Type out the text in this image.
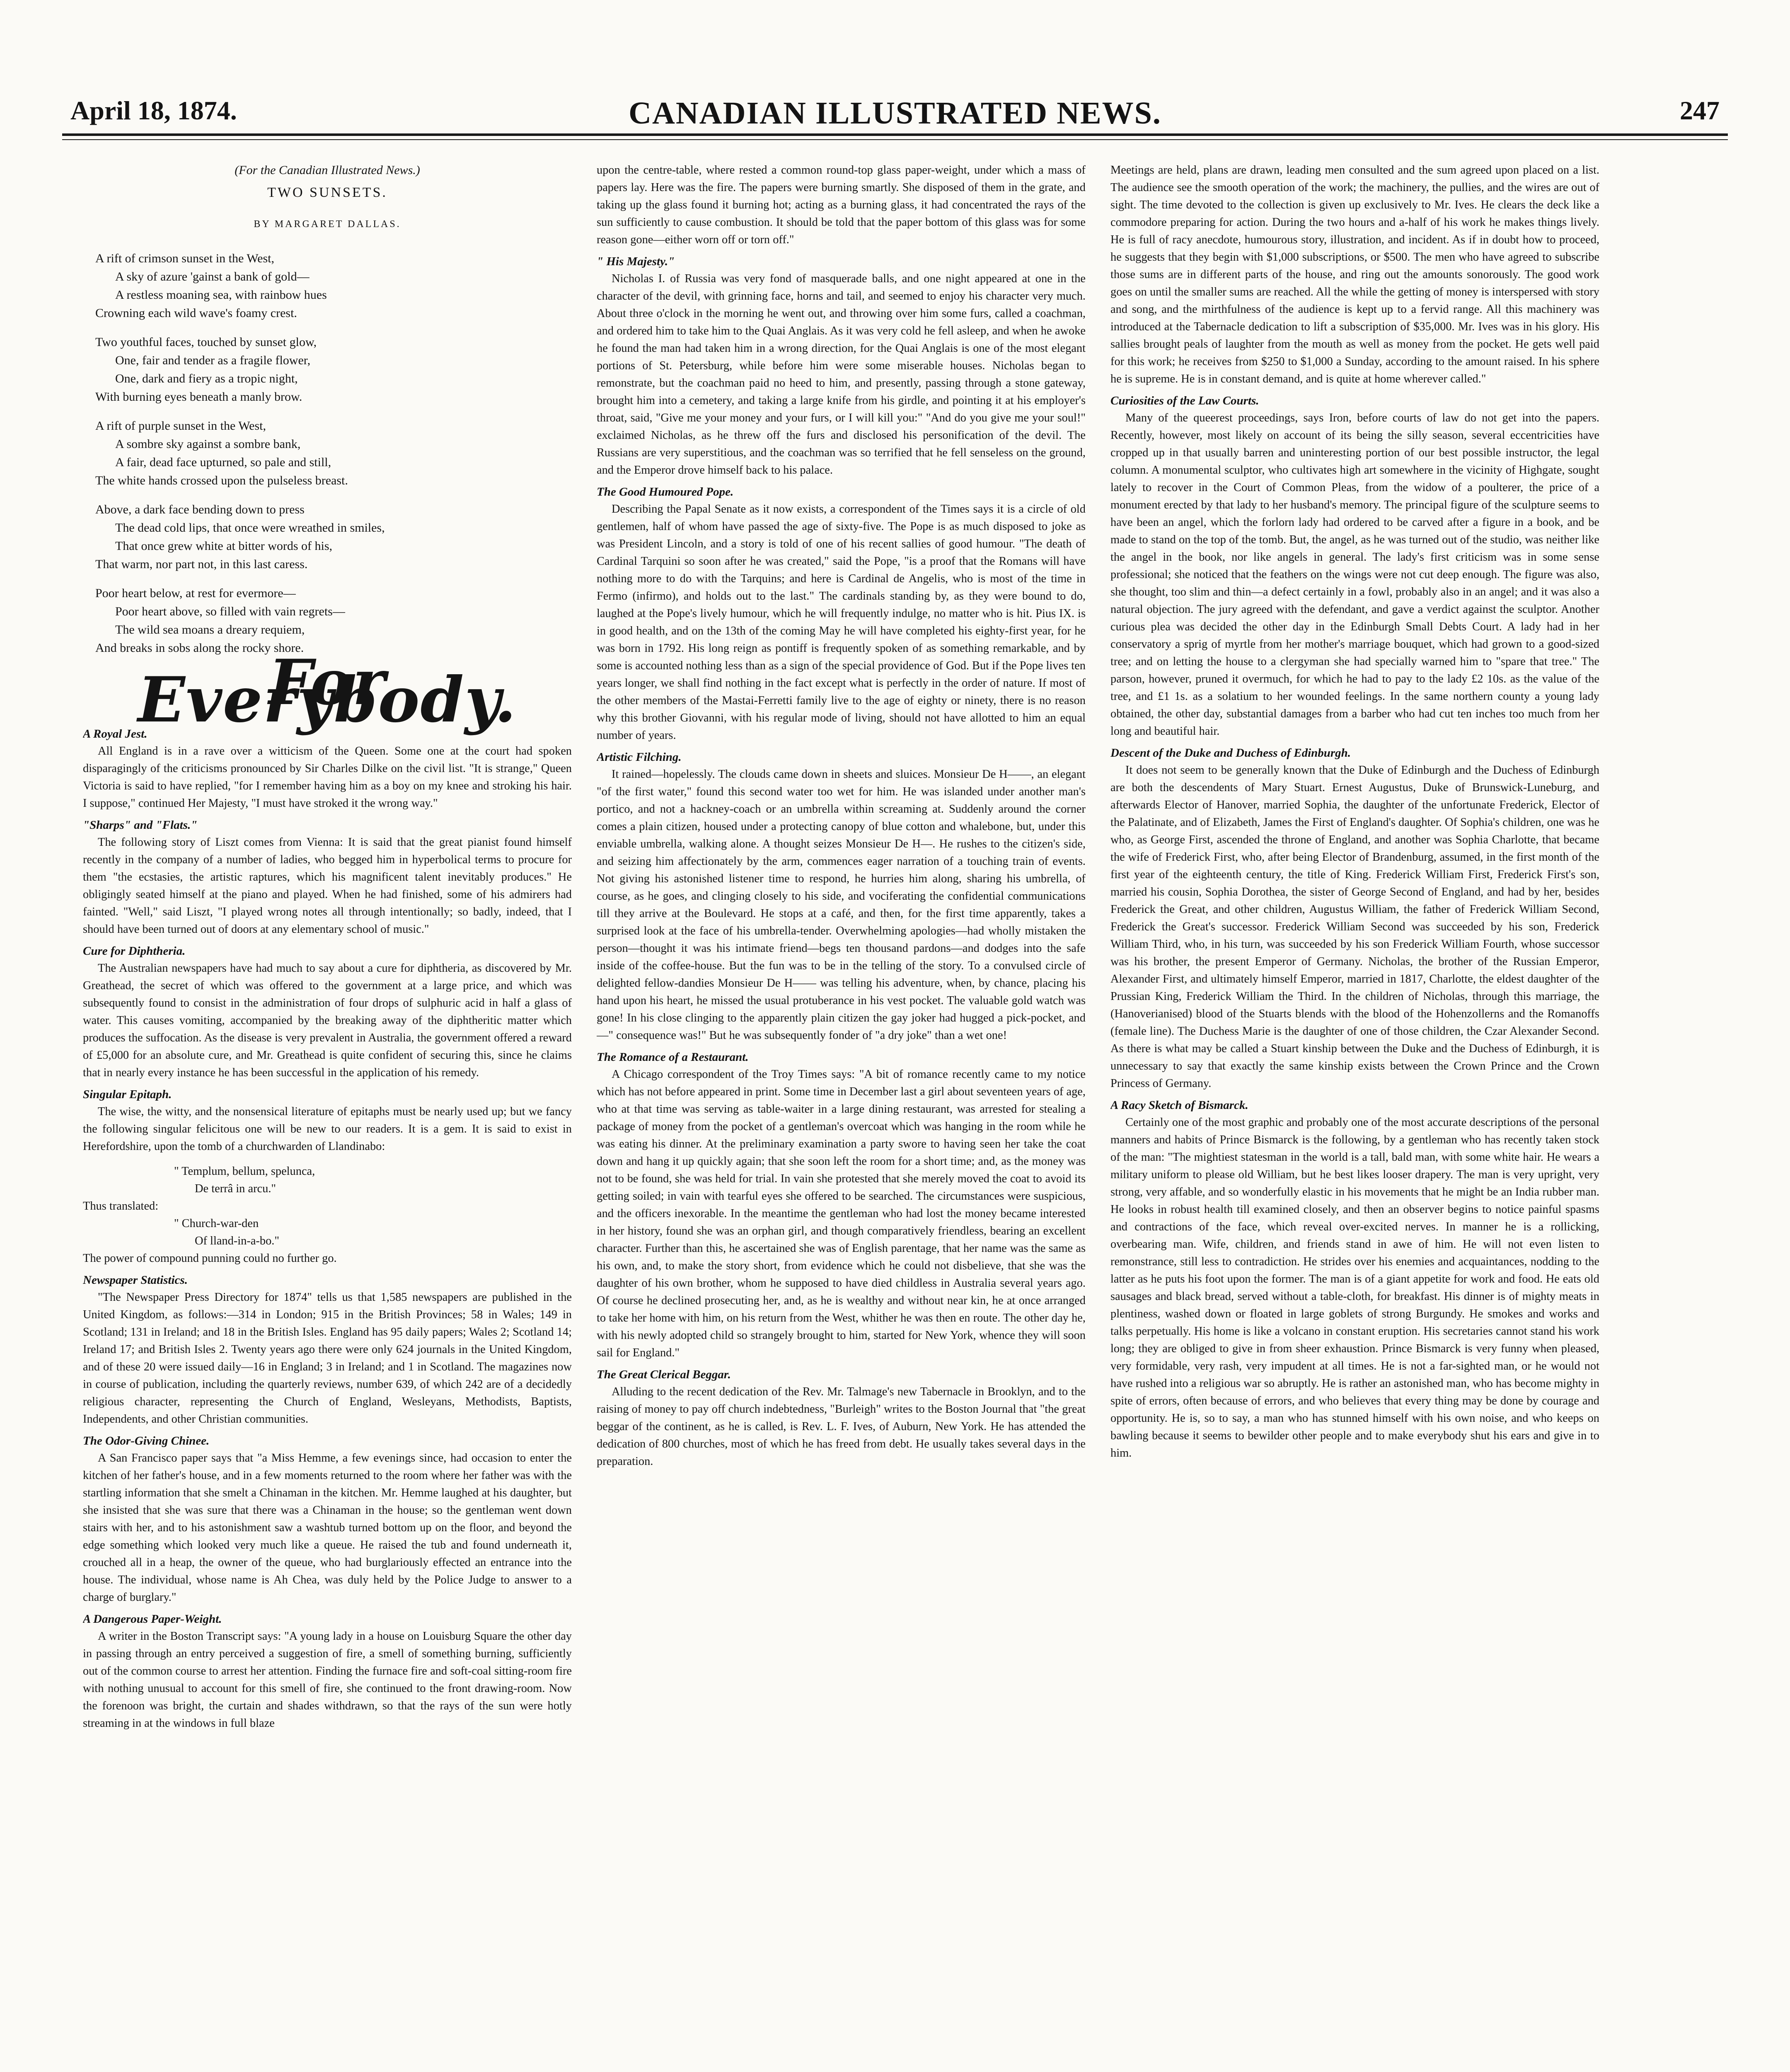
April 18, 1874.	CANADIAN ILLUSTRATED NEWS.	247

(For the Canadian Illustrated News.)

TWO SUNSETS.

BY MARGARET DALLAS.

A rift of crimson sunset in the West,
A sky of azure 'gainst a bank of gold—
A restless moaning sea, with rainbow hues
Crowning each wild wave's foamy crest.
Two youthful faces, touched by sunset glow,
One, fair and tender as a fragile flower,
One, dark and fiery as a tropic night,
With burning eyes beneath a manly brow.
A rift of purple sunset in the West,
A sombre sky against a sombre bank,
A fair, dead face upturned, so pale and still,
The white hands crossed upon the pulseless breast.
Above, a dark face bending down to press
The dead cold lips, that once were wreathed in smiles,
That once grew white at bitter words of his,
That warm, nor part not, in this last caress.
Poor heart below, at rest for evermore—
Poor heart above, so filled with vain regrets—
The wild sea moans a dreary requiem,
And breaks in sobs along the rocky shore.

For Everybody.

A Royal Jest.

All England is in a rave over a witticism of the Queen. Some one at the court had spoken disparagingly of the criticisms pronounced by Sir Charles Dilke on the civil list. "It is strange," Queen Victoria is said to have replied, "for I remember having him as a boy on my knee and stroking his hair. I suppose," continued Her Majesty, "I must have stroked it the wrong way."

"Sharps" and "Flats."

The following story of Liszt comes from Vienna: It is said that the great pianist found himself recently in the company of a number of ladies, who begged him in hyperbolical terms to procure for them "the ecstasies, the artistic raptures, which his magnificent talent inevitably produces." He obligingly seated himself at the piano and played. When he had finished, some of his admirers had fainted. "Well," said Liszt, "I played wrong notes all through intentionally; so badly, indeed, that I should have been turned out of doors at any elementary school of music."

Cure for Diphtheria.

The Australian newspapers have had much to say about a cure for diphtheria, as discovered by Mr. Greathead, the secret of which was offered to the government at a large price, and which was subsequently found to consist in the administration of four drops of sulphuric acid in half a glass of water. This causes vomiting, accompanied by the breaking away of the diphtheritic matter which produces the suffocation. As the disease is very prevalent in Australia, the government offered a reward of £5,000 for an absolute cure, and Mr. Greathead is quite confident of securing this, since he claims that in nearly every instance he has been successful in the application of his remedy.

Singular Epitaph.

The wise, the witty, and the nonsensical literature of epitaphs must be nearly used up; but we fancy the following singular felicitous one will be new to our readers. It is a gem. It is said to exist in Herefordshire, upon the tomb of a churchwarden of Llandinabo:

" Templum, bellum, spelunca,

De terrâ in arcu."

Thus translated:

" Church-war-den

Of lland-in-a-bo."

The power of compound punning could no further go.

Newspaper Statistics.

"The Newspaper Press Directory for 1874" tells us that 1,585 newspapers are published in the United Kingdom, as follows:—314 in London; 915 in the British Provinces; 58 in Wales; 149 in Scotland; 131 in Ireland; and 18 in the British Isles. England has 95 daily papers; Wales 2; Scotland 14; Ireland 17; and British Isles 2. Twenty years ago there were only 624 journals in the United Kingdom, and of these 20 were issued daily—16 in England; 3 in Ireland; and 1 in Scotland. The magazines now in course of publication, including the quarterly reviews, number 639, of which 242 are of a decidedly religious character, representing the Church of England, Wesleyans, Methodists, Baptists, Independents, and other Christian communities.

The Odor-Giving Chinee.

A San Francisco paper says that "a Miss Hemme, a few evenings since, had occasion to enter the kitchen of her father's house, and in a few moments returned to the room where her father was with the startling information that she smelt a Chinaman in the kitchen. Mr. Hemme laughed at his daughter, but she insisted that she was sure that there was a Chinaman in the house; so the gentleman went down stairs with her, and to his astonishment saw a washtub turned bottom up on the floor, and beyond the edge something which looked very much like a queue. He raised the tub and found underneath it, crouched all in a heap, the owner of the queue, who had burglariously effected an entrance into the house. The individual, whose name is Ah Chea, was duly held by the Police Judge to answer to a charge of burglary."

A Dangerous Paper-Weight.

A writer in the Boston Transcript says: "A young lady in a house on Louisburg Square the other day in passing through an entry perceived a suggestion of fire, a smell of something burning, sufficiently out of the common course to arrest her attention. Finding the furnace fire and soft-coal sitting-room fire with nothing unusual to account for this smell of fire, she continued to the front drawing-room. Now the forenoon was bright, the curtain and shades withdrawn, so that the rays of the sun were hotly streaming in at the windows in full blaze

upon the centre-table, where rested a common round-top glass paper-weight, under which a mass of papers lay. Here was the fire. The papers were burning smartly. She disposed of them in the grate, and taking up the glass found it burning hot; acting as a burning glass, it had concentrated the rays of the sun sufficiently to cause combustion. It should be told that the paper bottom of this glass was for some reason gone—either worn off or torn off."

" His Majesty."

Nicholas I. of Russia was very fond of masquerade balls, and one night appeared at one in the character of the devil, with grinning face, horns and tail, and seemed to enjoy his character very much. About three o'clock in the morning he went out, and throwing over him some furs, called a coachman, and ordered him to take him to the Quai Anglais. As it was very cold he fell asleep, and when he awoke he found the man had taken him in a wrong direction, for the Quai Anglais is one of the most elegant portions of St. Petersburg, while before him were some miserable houses. Nicholas began to remonstrate, but the coachman paid no heed to him, and presently, passing through a stone gateway, brought him into a cemetery, and taking a large knife from his girdle, and pointing it at his employer's throat, said, "Give me your money and your furs, or I will kill you:" "And do you give me your soul!" exclaimed Nicholas, as he threw off the furs and disclosed his personification of the devil. The Russians are very superstitious, and the coachman was so terrified that he fell senseless on the ground, and the Emperor drove himself back to his palace.

The Good Humoured Pope.

Describing the Papal Senate as it now exists, a correspondent of the Times says it is a circle of old gentlemen, half of whom have passed the age of sixty-five. The Pope is as much disposed to joke as was President Lincoln, and a story is told of one of his recent sallies of good humour. "The death of Cardinal Tarquini so soon after he was created," said the Pope, "is a proof that the Romans will have nothing more to do with the Tarquins; and here is Cardinal de Angelis, who is most of the time in Fermo (infirmo), and holds out to the last." The cardinals standing by, as they were bound to do, laughed at the Pope's lively humour, which he will frequently indulge, no matter who is hit. Pius IX. is in good health, and on the 13th of the coming May he will have completed his eighty-first year, for he was born in 1792. His long reign as pontiff is frequently spoken of as something remarkable, and by some is accounted nothing less than as a sign of the special providence of God. But if the Pope lives ten years longer, we shall find nothing in the fact except what is perfectly in the order of nature. If most of the other members of the Mastai-Ferretti family live to the age of eighty or ninety, there is no reason why this brother Giovanni, with his regular mode of living, should not have allotted to him an equal number of years.

Artistic Filching.

It rained—hopelessly. The clouds came down in sheets and sluices. Monsieur De H——, an elegant "of the first water," found this second water too wet for him. He was islanded under another man's portico, and not a hackney-coach or an umbrella within screaming at. Suddenly around the corner comes a plain citizen, housed under a protecting canopy of blue cotton and whalebone, but, under this enviable umbrella, walking alone. A thought seizes Monsieur De H—. He rushes to the citizen's side, and seizing him affectionately by the arm, commences eager narration of a touching train of events. Not giving his astonished listener time to respond, he hurries him along, sharing his umbrella, of course, as he goes, and clinging closely to his side, and vociferating the confidential communications till they arrive at the Boulevard. He stops at a café, and then, for the first time apparently, takes a surprised look at the face of his umbrella-tender. Overwhelming apologies—had wholly mistaken the person—thought it was his intimate friend—begs ten thousand pardons—and dodges into the safe inside of the coffee-house. But the fun was to be in the telling of the story. To a convulsed circle of delighted fellow-dandies Monsieur De H—— was telling his adventure, when, by chance, placing his hand upon his heart, he missed the usual protuberance in his vest pocket. The valuable gold watch was gone! In his close clinging to the apparently plain citizen the gay joker had hugged a pick-pocket, and—" consequence was!" But he was subsequently fonder of "a dry joke" than a wet one!

The Romance of a Restaurant.

A Chicago correspondent of the Troy Times says: "A bit of romance recently came to my notice which has not before appeared in print. Some time in December last a girl about seventeen years of age, who at that time was serving as table-waiter in a large dining restaurant, was arrested for stealing a package of money from the pocket of a gentleman's overcoat which was hanging in the room while he was eating his dinner. At the preliminary examination a party swore to having seen her take the coat down and hang it up quickly again; that she soon left the room for a short time; and, as the money was not to be found, she was held for trial. In vain she protested that she merely moved the coat to avoid its getting soiled; in vain with tearful eyes she offered to be searched. The circumstances were suspicious, and the officers inexorable. In the meantime the gentleman who had lost the money became interested in her history, found she was an orphan girl, and though comparatively friendless, bearing an excellent character. Further than this, he ascertained she was of English parentage, that her name was the same as his own, and, to make the story short, from evidence which he could not disbelieve, that she was the daughter of his own brother, whom he supposed to have died childless in Australia several years ago. Of course he declined prosecuting her, and, as he is wealthy and without near kin, he at once arranged to take her home with him, on his return from the West, whither he was then en route. The other day he, with his newly adopted child so strangely brought to him, started for New York, whence they will soon sail for England."

The Great Clerical Beggar.

Alluding to the recent dedication of the Rev. Mr. Talmage's new Tabernacle in Brooklyn, and to the raising of money to pay off church indebtedness, "Burleigh" writes to the Boston Journal that "the great beggar of the continent, as he is called, is Rev. L. F. Ives, of Auburn, New York. He has attended the dedication of 800 churches, most of which he has freed from debt. He usually takes several days in the preparation.

Meetings are held, plans are drawn, leading men consulted and the sum agreed upon placed on a list. The audience see the smooth operation of the work; the machinery, the pullies, and the wires are out of sight. The time devoted to the collection is given up exclusively to Mr. Ives. He clears the deck like a commodore preparing for action. During the two hours and a-half of his work he makes things lively. He is full of racy anecdote, humourous story, illustration, and incident. As if in doubt how to proceed, he suggests that they begin with $1,000 subscriptions, or $500. The men who have agreed to subscribe those sums are in different parts of the house, and ring out the amounts sonorously. The good work goes on until the smaller sums are reached. All the while the getting of money is interspersed with story and song, and the mirthfulness of the audience is kept up to a fervid range. All this machinery was introduced at the Tabernacle dedication to lift a subscription of $35,000. Mr. Ives was in his glory. His sallies brought peals of laughter from the mouth as well as money from the pocket. He gets well paid for this work; he receives from $250 to $1,000 a Sunday, according to the amount raised. In his sphere he is supreme. He is in constant demand, and is quite at home wherever called."

Curiosities of the Law Courts.

Many of the queerest proceedings, says Iron, before courts of law do not get into the papers. Recently, however, most likely on account of its being the silly season, several eccentricities have cropped up in that usually barren and uninteresting portion of our best possible instructor, the legal column. A monumental sculptor, who cultivates high art somewhere in the vicinity of Highgate, sought lately to recover in the Court of Common Pleas, from the widow of a poulterer, the price of a monument erected by that lady to her husband's memory. The principal figure of the sculpture seems to have been an angel, which the forlorn lady had ordered to be carved after a figure in a book, and be made to stand on the top of the tomb. But, the angel, as he was turned out of the studio, was neither like the angel in the book, nor like angels in general. The lady's first criticism was in some sense professional; she noticed that the feathers on the wings were not cut deep enough. The figure was also, she thought, too slim and thin—a defect certainly in a fowl, probably also in an angel; and it was also a natural objection. The jury agreed with the defendant, and gave a verdict against the sculptor. Another curious plea was decided the other day in the Edinburgh Small Debts Court. A lady had in her conservatory a sprig of myrtle from her mother's marriage bouquet, which had grown to a good-sized tree; and on letting the house to a clergyman she had specially warned him to "spare that tree." The parson, however, pruned it overmuch, for which he had to pay to the lady £2 10s. as the value of the tree, and £1 1s. as a solatium to her wounded feelings. In the same northern county a young lady obtained, the other day, substantial damages from a barber who had cut ten inches too much from her long and beautiful hair.

Descent of the Duke and Duchess of Edinburgh.

It does not seem to be generally known that the Duke of Edinburgh and the Duchess of Edinburgh are both the descendents of Mary Stuart. Ernest Augustus, Duke of Brunswick-Luneburg, and afterwards Elector of Hanover, married Sophia, the daughter of the unfortunate Frederick, Elector of the Palatinate, and of Elizabeth, James the First of England's daughter. Of Sophia's children, one was he who, as George First, ascended the throne of England, and another was Sophia Charlotte, that became the wife of Frederick First, who, after being Elector of Brandenburg, assumed, in the first month of the first year of the eighteenth century, the title of King. Frederick William First, Frederick First's son, married his cousin, Sophia Dorothea, the sister of George Second of England, and had by her, besides Frederick the Great, and other children, Augustus William, the father of Frederick William Second, Frederick the Great's successor. Frederick William Second was succeeded by his son, Frederick William Third, who, in his turn, was succeeded by his son Frederick William Fourth, whose successor was his brother, the present Emperor of Germany. Nicholas, the brother of the Russian Emperor, Alexander First, and ultimately himself Emperor, married in 1817, Charlotte, the eldest daughter of the Prussian King, Frederick William the Third. In the children of Nicholas, through this marriage, the (Hanoverianised) blood of the Stuarts blends with the blood of the Hohenzollerns and the Romanoffs (female line). The Duchess Marie is the daughter of one of those children, the Czar Alexander Second. As there is what may be called a Stuart kinship between the Duke and the Duchess of Edinburgh, it is unnecessary to say that exactly the same kinship exists between the Crown Prince and the Crown Princess of Germany.

A Racy Sketch of Bismarck.

Certainly one of the most graphic and probably one of the most accurate descriptions of the personal manners and habits of Prince Bismarck is the following, by a gentleman who has recently taken stock of the man: "The mightiest statesman in the world is a tall, bald man, with some white hair. He wears a military uniform to please old William, but he best likes looser drapery. The man is very upright, very strong, very affable, and so wonderfully elastic in his movements that he might be an India rubber man. He looks in robust health till examined closely, and then an observer begins to notice painful spasms and contractions of the face, which reveal over-excited nerves. In manner he is a rollicking, overbearing man. Wife, children, and friends stand in awe of him. He will not even listen to remonstrance, still less to contradiction. He strides over his enemies and acquaintances, nodding to the latter as he puts his foot upon the former. The man is of a giant appetite for work and food. He eats old sausages and black bread, served without a table-cloth, for breakfast. His dinner is of mighty meats in plentiness, washed down or floated in large goblets of strong Burgundy. He smokes and works and talks perpetually. His home is like a volcano in constant eruption. His secretaries cannot stand his work long; they are obliged to give in from sheer exhaustion. Prince Bismarck is very funny when pleased, very formidable, very rash, very impudent at all times. He is not a far-sighted man, or he would not have rushed into a religious war so abruptly. He is rather an astonished man, who has become mighty in spite of errors, often because of errors, and who believes that every thing may be done by courage and opportunity. He is, so to say, a man who has stunned himself with his own noise, and who keeps on bawling because it seems to bewilder other people and to make everybody shut his ears and give in to him.
